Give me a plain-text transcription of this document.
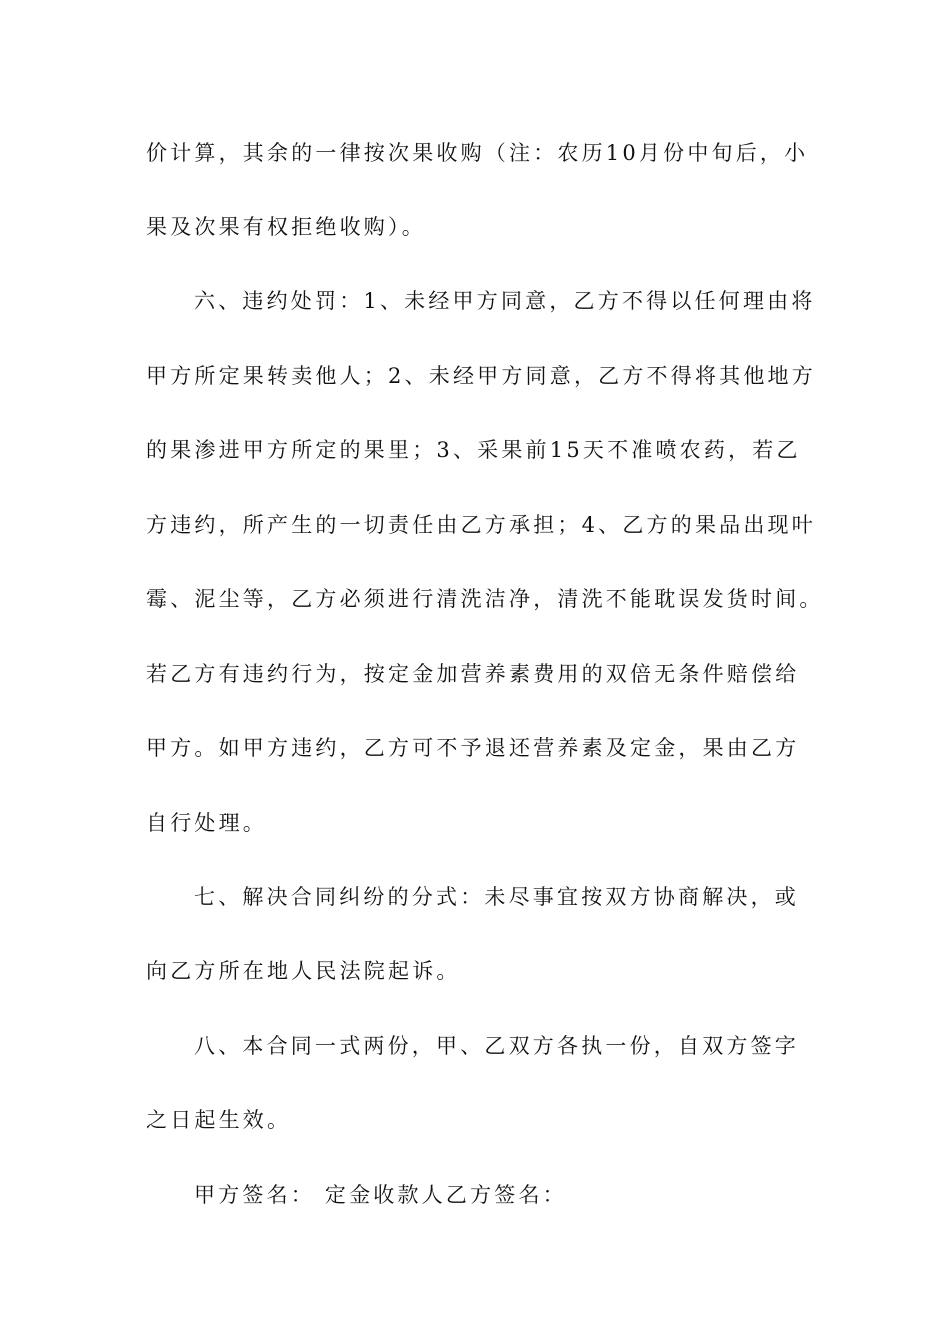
价计算，其余的一律按次果收购（注：农历10月份中旬后，小
果及次果有权拒绝收购）。
六、违约处罚：1、未经甲方同意，乙方不得以任何理由将
甲方所定果转卖他人；2、未经甲方同意，乙方不得将其他地方
的果渗进甲方所定的果里；3、采果前15天不准喷农药，若乙
方违约，所产生的一切责任由乙方承担；4、乙方的果品出现叶
霉、泥尘等，乙方必须进行清洗洁净，清洗不能耽误发货时间。
若乙方有违约行为，按定金加营养素费用的双倍无条件赔偿给
甲方。如甲方违约，乙方可不予退还营养素及定金，果由乙方
自行处理。
七、解决合同纠纷的分式：未尽事宜按双方协商解决，或
向乙方所在地人民法院起诉。
八、本合同一式两份，甲、乙双方各执一份，自双方签字
之日起生效。
甲方签名： 定金收款人乙方签名：
